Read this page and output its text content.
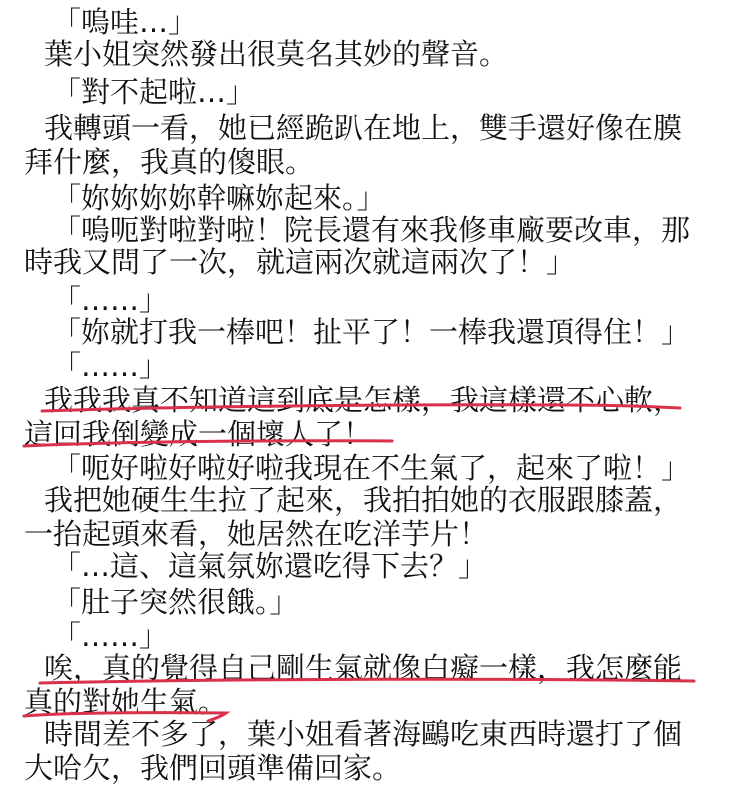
「嗚哇…」
葉小姐突然發出很莫名其妙的聲音。
「對不起啦…」
我轉頭一看，她已經跪趴在地上，雙手還好像在膜
拜什麼，我真的傻眼。
「妳妳妳妳幹嘛妳起來。」
「嗚呃對啦對啦！院長還有來我修車廠要改車，那
時我又問了一次，就這兩次就這兩次了！」
「……」
「妳就打我一棒吧！扯平了！一棒我還頂得住！」
「……」
我我我真不知道這到底是怎樣，我這樣還不心軟，
這回我倒變成一個壞人了！
「呃好啦好啦好啦我現在不生氣了，起來了啦！」
我把她硬生生拉了起來，我拍拍她的衣服跟膝蓋，
一抬起頭來看，她居然在吃洋芋片！
「…這、這氣氛妳還吃得下去？」
「肚子突然很餓。」
「……」
唉，真的覺得自己剛生氣就像白癡一樣，我怎麼能
真的對她生氣。
時間差不多了，葉小姐看著海鷗吃東西時還打了個
大哈欠，我們回頭準備回家。
